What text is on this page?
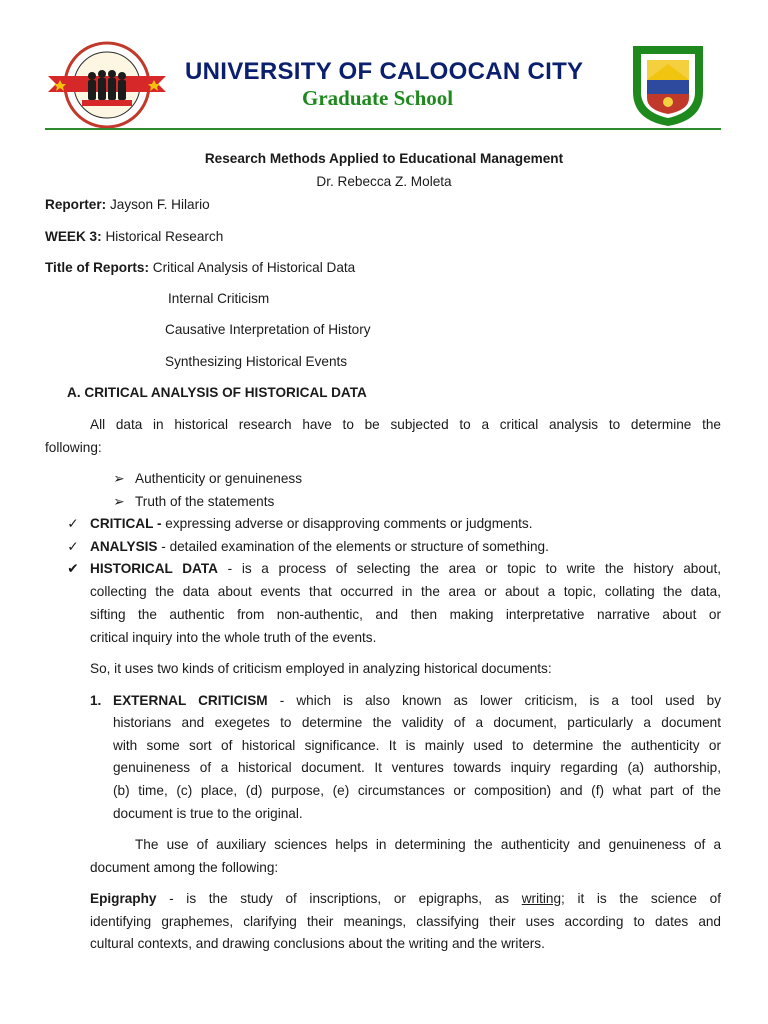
UNIVERSITY OF CALOOCAN CITY
Graduate School
Research Methods Applied to Educational Management
Dr. Rebecca Z. Moleta
Reporter: Jayson F. Hilario
WEEK 3: Historical Research
Title of Reports: Critical Analysis of Historical Data
Internal Criticism
Causative Interpretation of History
Synthesizing Historical Events
A. CRITICAL ANALYSIS OF HISTORICAL DATA
All data in historical research have to be subjected to a critical analysis to determine the
following:
➢ Authenticity or genuineness
➢ Truth of the statements
✓ CRITICAL - expressing adverse or disapproving comments or judgments.
✓ ANALYSIS - detailed examination of the elements or structure of something.
✔ HISTORICAL DATA - is a process of selecting the area or topic to write the history about,
collecting the data about events that occurred in the area or about a topic, collating the data,
sifting the authentic from non-authentic, and then making interpretative narrative about or
critical inquiry into the whole truth of the events.
So, it uses two kinds of criticism employed in analyzing historical documents:
1. EXTERNAL CRITICISM - which is also known as lower criticism, is a tool used by
historians and exegetes to determine the validity of a document, particularly a document
with some sort of historical significance. It is mainly used to determine the authenticity or
genuineness of a historical document. It ventures towards inquiry regarding (a) authorship,
(b) time, (c) place, (d) purpose, (e) circumstances or composition) and (f) what part of the
document is true to the original.
The use of auxiliary sciences helps in determining the authenticity and genuineness of a
document among the following:
Epigraphy - is the study of inscriptions, or epigraphs, as writing; it is the science of
identifying graphemes, clarifying their meanings, classifying their uses according to dates and
cultural contexts, and drawing conclusions about the writing and the writers.
